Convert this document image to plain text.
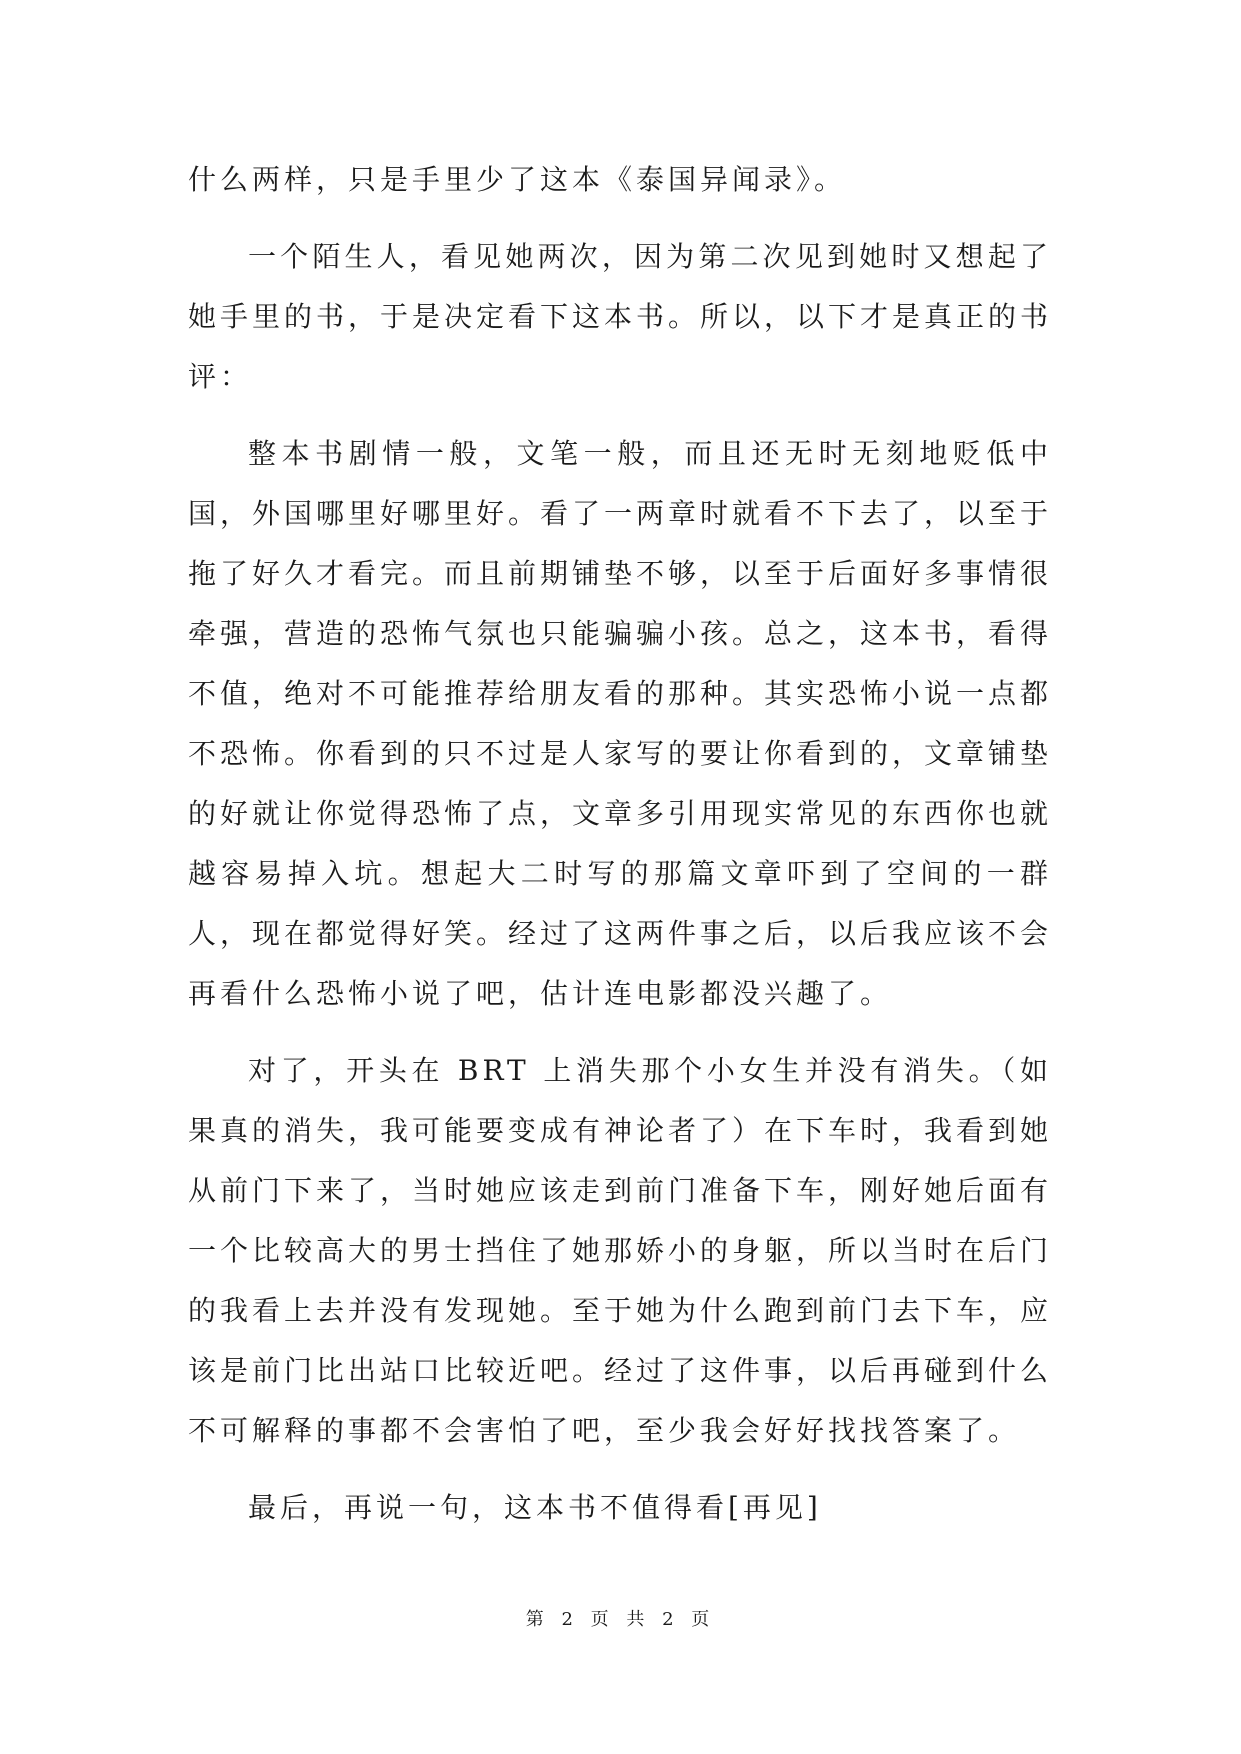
什么两样，只是手里少了这本《泰国异闻录》。

一个陌生人，看见她两次，因为第二次见到她时又想起了她手里的书，于是决定看下这本书。所以，以下才是真正的书评：

整本书剧情一般，文笔一般，而且还无时无刻地贬低中国，外国哪里好哪里好。看了一两章时就看不下去了，以至于拖了好久才看完。而且前期铺垫不够，以至于后面好多事情很牵强，营造的恐怖气氛也只能骗骗小孩。总之，这本书，看得不值，绝对不可能推荐给朋友看的那种。其实恐怖小说一点都不恐怖。你看到的只不过是人家写的要让你看到的，文章铺垫的好就让你觉得恐怖了点，文章多引用现实常见的东西你也就越容易掉入坑。想起大二时写的那篇文章吓到了空间的一群人，现在都觉得好笑。经过了这两件事之后，以后我应该不会再看什么恐怖小说了吧，估计连电影都没兴趣了。

对了，开头在 BRT 上消失那个小女生并没有消失。（如果真的消失，我可能要变成有神论者了）在下车时，我看到她从前门下来了，当时她应该走到前门准备下车，刚好她后面有一个比较高大的男士挡住了她那娇小的身躯，所以当时在后门的我看上去并没有发现她。至于她为什么跑到前门去下车，应该是前门比出站口比较近吧。经过了这件事，以后再碰到什么不可解释的事都不会害怕了吧，至少我会好好找找答案了。

最后，再说一句，这本书不值得看[再见]

第 2 页 共 2 页
